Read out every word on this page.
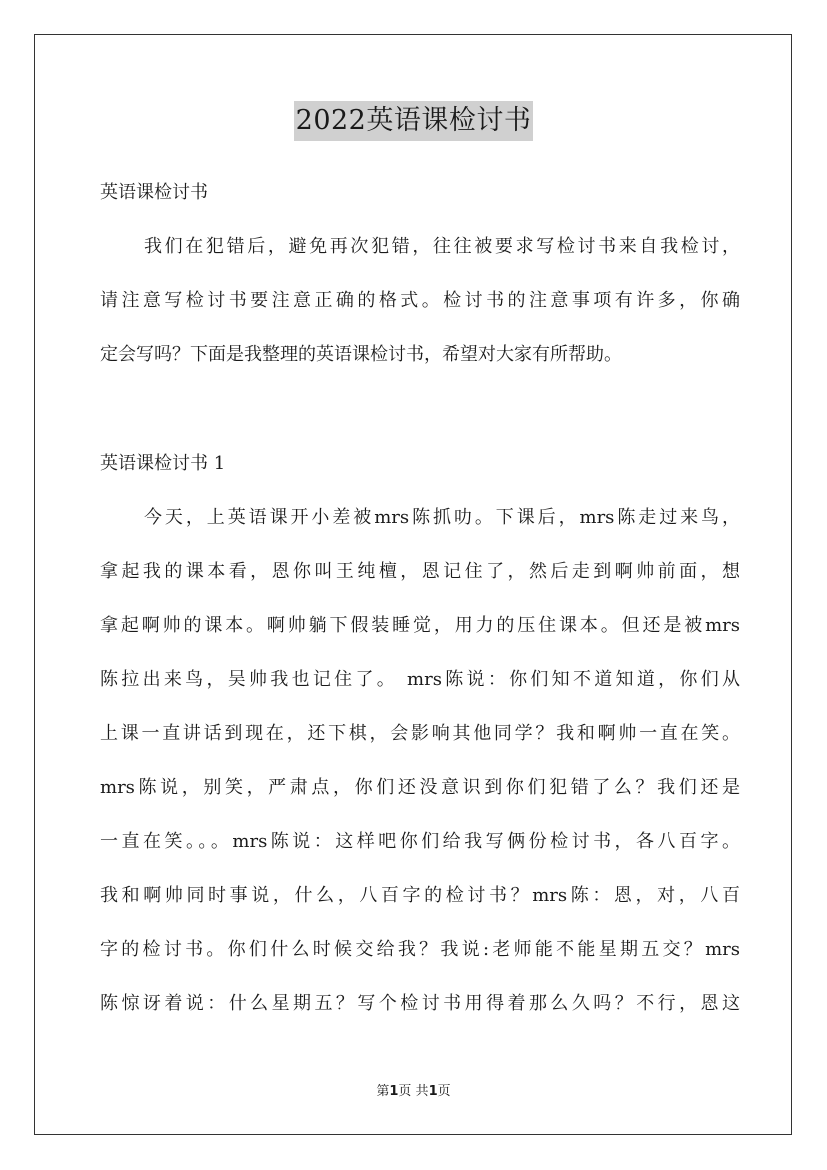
2022英语课检讨书
英语课检讨书
我们在犯错后，避免再次犯错，往往被要求写检讨书来自我检讨，
请注意写检讨书要注意正确的格式。检讨书的注意事项有许多，你确
定会写吗？下面是我整理的英语课检讨书，希望对大家有所帮助。
英语课检讨书 1
今天，上英语课开小差被mrs陈抓叻。下课后，mrs陈走过来鸟，
拿起我的课本看，恩你叫王纯檀，恩记住了，然后走到啊帅前面，想
拿起啊帅的课本。啊帅躺下假装睡觉，用力的压住课本。但还是被mrs
陈拉出来鸟，吴帅我也记住了。 mrs陈说：你们知不道知道，你们从
上课一直讲话到现在，还下棋，会影响其他同学？我和啊帅一直在笑。
mrs陈说，别笑，严肃点，你们还没意识到你们犯错了么？我们还是
一直在笑。。。mrs陈说：这样吧你们给我写俩份检讨书，各八百字。
我和啊帅同时事说，什么，八百字的检讨书？mrs陈：恩，对，八百
字的检讨书。你们什么时候交给我？我说:老师能不能星期五交？mrs
陈惊讶着说：什么星期五？写个检讨书用得着那么久吗？不行，恩这
第1页 共1页
